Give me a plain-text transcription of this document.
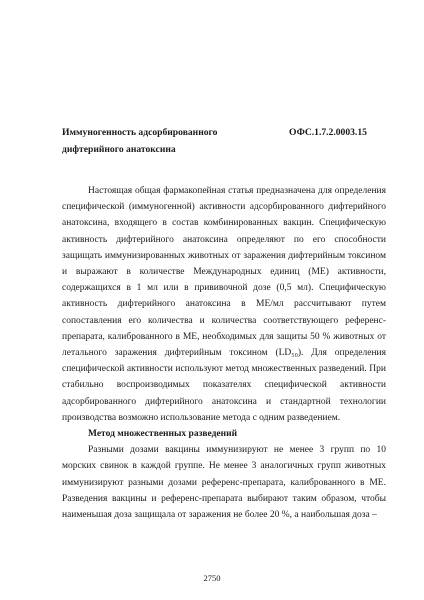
Иммуногенность адсорбированного дифтерийного анатоксина
ОФС.1.7.2.0003.15

Настоящая общая фармакопейная статья предназначена для определения специфической (иммуногенной) активности адсорбированного дифтерийного анатоксина, входящего в состав комбинированных вакцин. Специфическую активность дифтерийного анатоксина определяют по его способности защищать иммунизированных животных от заражения дифтерийным токсином и выражают в количестве Международных единиц (МЕ) активности, содержащихся в 1 мл или в прививочной дозе (0,5 мл). Специфическую активность дифтерийного анатоксина в МЕ/мл рассчитывают путем сопоставления его количества и количества соответствующего референс-препарата, калиброванного в МЕ, необходимых для защиты 50 % животных от летального заражения дифтерийным токсином (LD₅₀). Для определения специфической активности используют метод множественных разведений. При стабильно воспроизводимых показателях специфической активности адсорбированного дифтерийного анатоксина и стандартной технологии производства возможно использование метода с одним разведением.

Метод множественных разведений

Разными дозами вакцины иммунизируют не менее 3 групп по 10 морских свинок в каждой группе. Не менее 3 аналогичных групп животных иммунизируют разными дозами референс-препарата, калиброванного в МЕ. Разведения вакцины и референс-препарата выбирают таким образом, чтобы наименьшая доза защищала от заражения не более 20 %, а наибольшая доза –

2750
